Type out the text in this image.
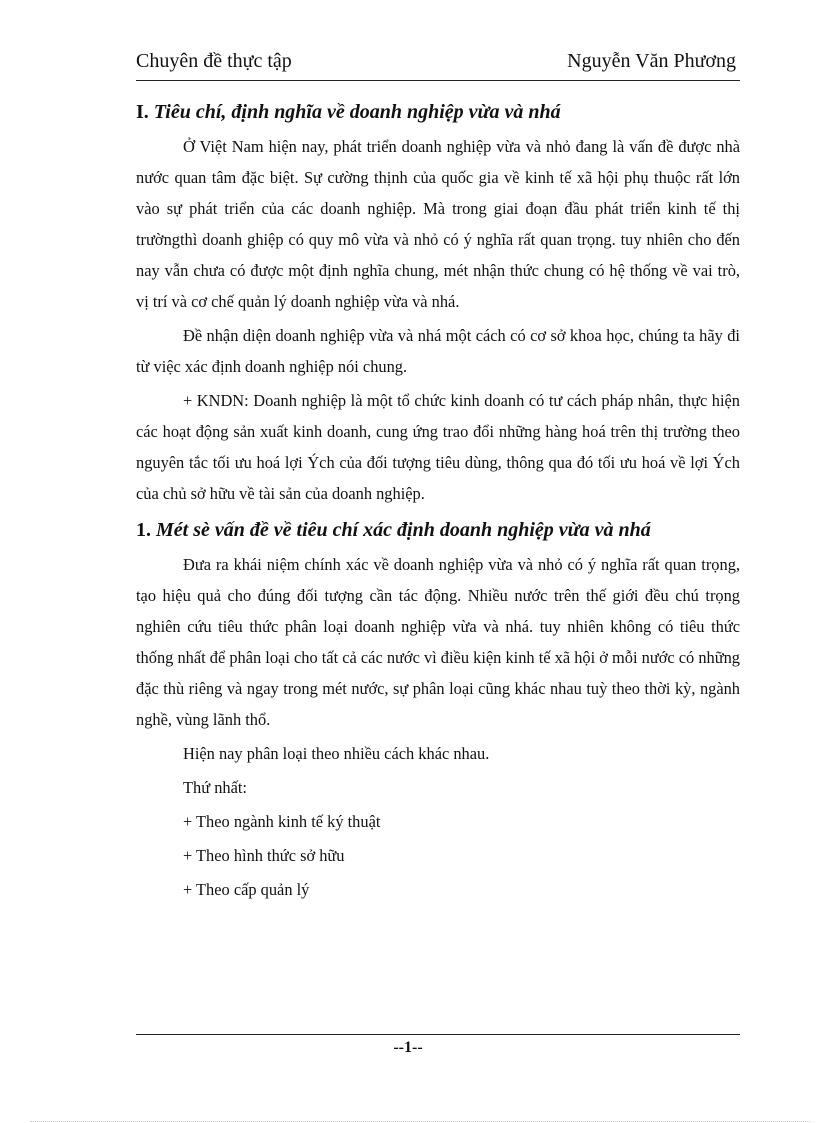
Chuyên đề thực tập	Nguyễn Văn Phương
I. Tiêu chí, định nghĩa về doanh nghiệp vừa và nhá

Ở Việt Nam hiện nay, phát triển doanh nghiệp vừa và nhỏ đang là vấn đề được nhà nước quan tâm đặc biệt. Sự cường thịnh của quốc gia về kinh tế xã hội phụ thuộc rất lớn vào sự phát triển của các doanh nghiệp. Mà trong giai đoạn đầu phát triển kinh tế thị trườngthì doanh ghiệp có quy mô vừa và nhỏ có ý nghĩa rất quan trọng. tuy nhiên cho đến nay vẫn chưa có được một định nghĩa chung, mét nhận thức chung có hệ thống về vai trò, vị trí và cơ chế quản lý doanh nghiệp vừa và nhá.

Đề nhận diện doanh nghiệp vừa và nhá một cách có cơ sở khoa học, chúng ta hãy đi từ việc xác định doanh nghiệp nói chung.

+ KNDN: Doanh nghiệp là một tổ chức kinh doanh có tư cách pháp nhân, thực hiện các hoạt động sản xuất kinh doanh, cung ứng trao đổi những hàng hoá trên thị trường theo nguyên tắc tối ưu hoá lợi Ých của đối tượng tiêu dùng, thông qua đó tối ưu hoá về lợi Ých của chủ sở hữu về tài sản của doanh nghiệp.

1. Mét sè vấn đề về tiêu chí xác định doanh nghiệp vừa và nhá

Đưa ra khái niệm chính xác về doanh nghiệp vừa và nhỏ có ý nghĩa rất quan trọng, tạo hiệu quả cho đúng đối tượng cần tác động. Nhiều nước trên thế giới đều chú trọng nghiên cứu tiêu thức phân loại doanh nghiệp vừa và nhá. tuy nhiên không có tiêu thức thống nhất để phân loại cho tất cả các nước vì điều kiện kinh tế xã hội ở mỗi nước có những đặc thù riêng và ngay trong mét nước, sự phân loại cũng khác nhau tuỳ theo thời kỳ, ngành nghề, vùng lãnh thổ.

Hiện nay phân loại theo nhiều cách khác nhau.

Thứ nhất:

+ Theo ngành kinh tế ký thuật

+ Theo hình thức sở hữu

+ Theo cấp quản lý

--1--
